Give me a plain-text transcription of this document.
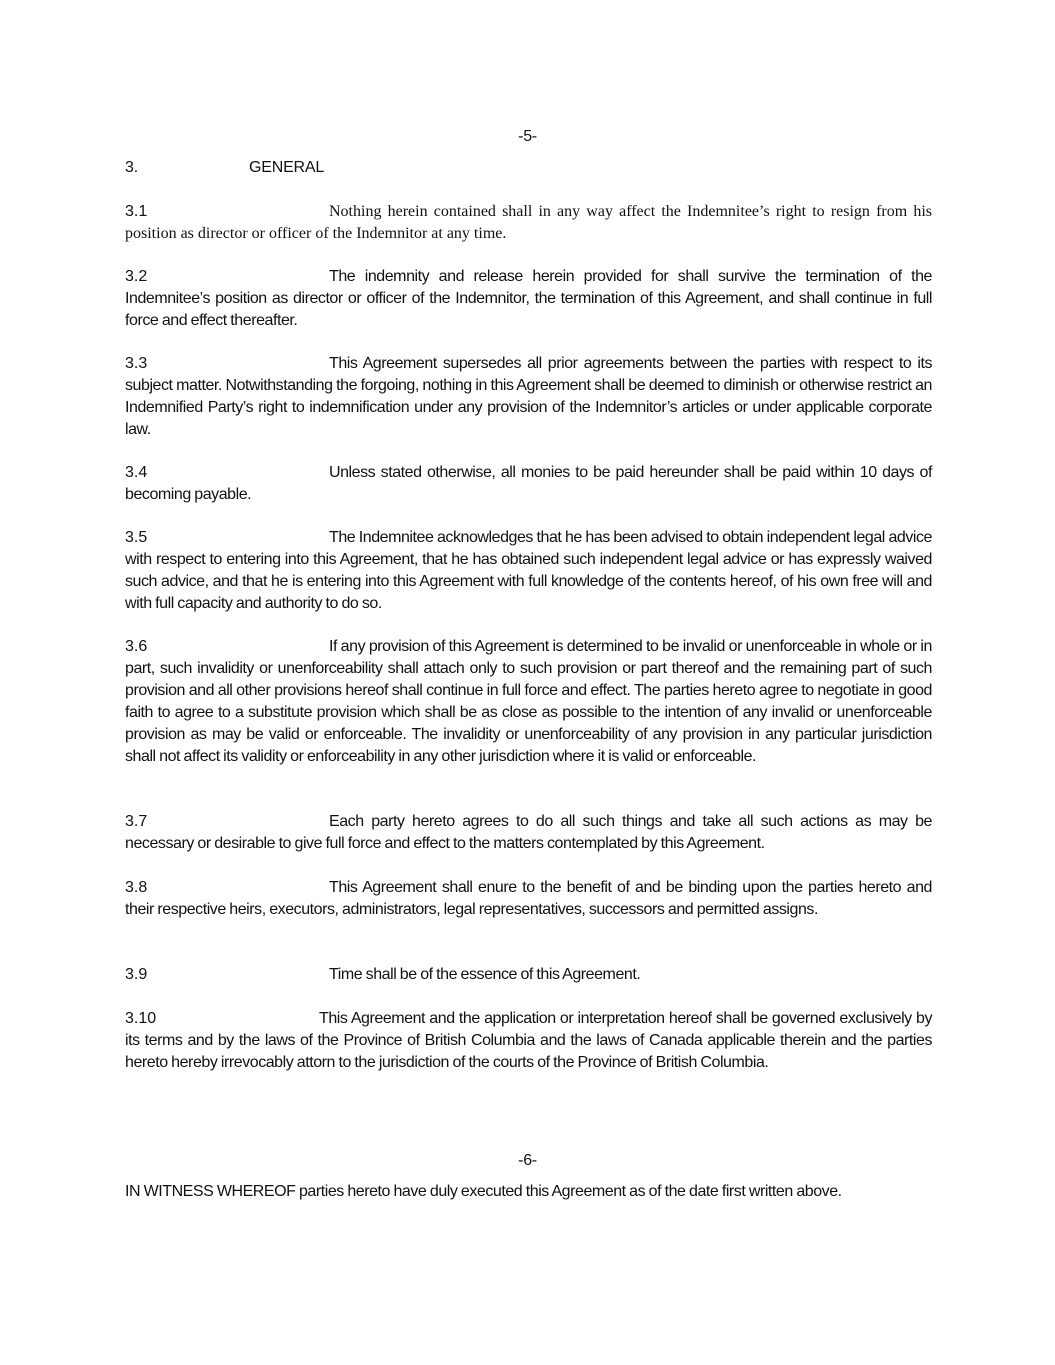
-5-
3.	GENERAL
3.1	Nothing herein contained shall in any way affect the Indemnitee’s right to resign from his position as director or officer of the Indemnitor at any time.
3.2	The indemnity and release herein provided for shall survive the termination of the Indemnitee’s position as director or officer of the Indemnitor, the termination of this Agreement, and shall continue in full force and effect thereafter.
3.3	This Agreement supersedes all prior agreements between the parties with respect to its subject matter. Notwithstanding the forgoing, nothing in this Agreement shall be deemed to diminish or otherwise restrict an Indemnified Party’s right to indemnification under any provision of the Indemnitor’s articles or under applicable corporate law.
3.4	Unless stated otherwise, all monies to be paid hereunder shall be paid within 10 days of becoming payable.
3.5	The Indemnitee acknowledges that he has been advised to obtain independent legal advice with respect to entering into this Agreement, that he has obtained such independent legal advice or has expressly waived such advice, and that he is entering into this Agreement with full knowledge of the contents hereof, of his own free will and with full capacity and authority to do so.
3.6	If any provision of this Agreement is determined to be invalid or unenforceable in whole or in part, such invalidity or unenforceability shall attach only to such provision or part thereof and the remaining part of such provision and all other provisions hereof shall continue in full force and effect. The parties hereto agree to negotiate in good faith to agree to a substitute provision which shall be as close as possible to the intention of any invalid or unenforceable provision as may be valid or enforceable. The invalidity or unenforceability of any provision in any particular jurisdiction shall not affect its validity or enforceability in any other jurisdiction where it is valid or enforceable.
3.7	Each party hereto agrees to do all such things and take all such actions as may be necessary or desirable to give full force and effect to the matters contemplated by this Agreement.
3.8	This Agreement shall enure to the benefit of and be binding upon the parties hereto and their respective heirs, executors, administrators, legal representatives, successors and permitted assigns.
3.9	Time shall be of the essence of this Agreement.
3.10	This Agreement and the application or interpretation hereof shall be governed exclusively by its terms and by the laws of the Province of British Columbia and the laws of Canada applicable therein and the parties hereto hereby irrevocably attorn to the jurisdiction of the courts of the Province of British Columbia.
-6-
IN WITNESS WHEREOF parties hereto have duly executed this Agreement as of the date first written above.
